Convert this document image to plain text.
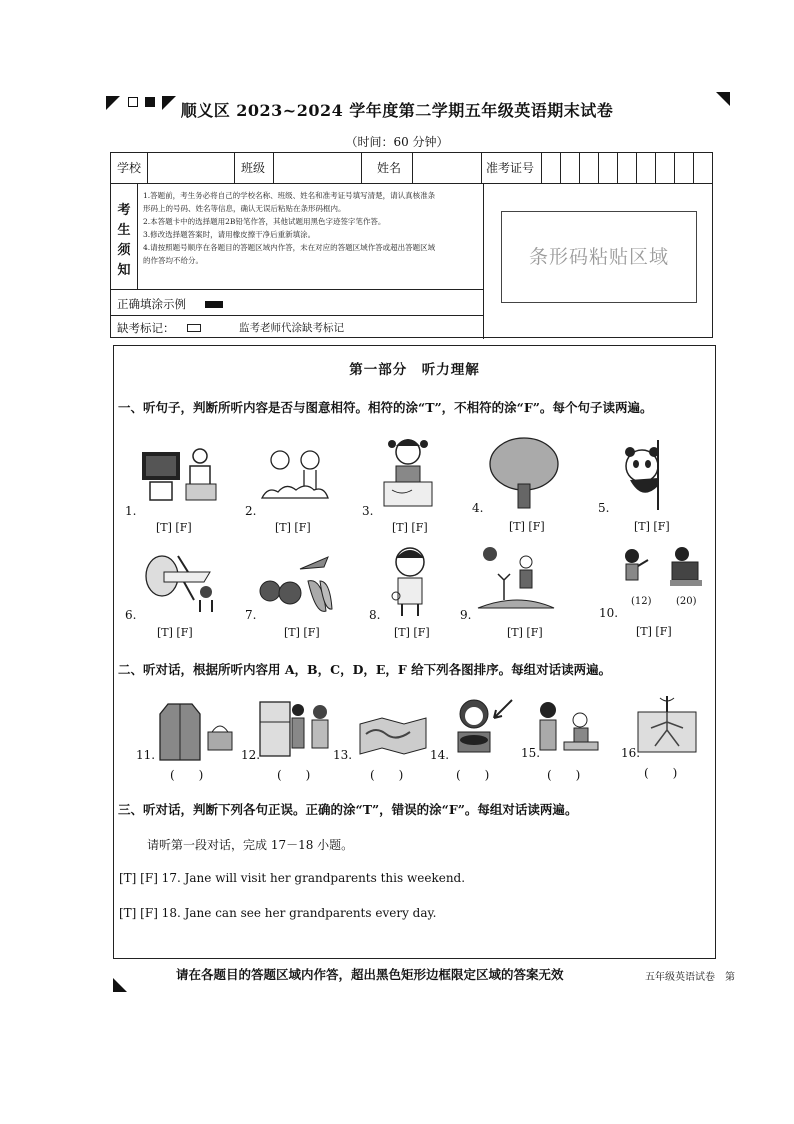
顺义区 2023~2024 学年度第二学期五年级英语期末试卷
（时间：60 分钟）
学校	班级	姓名	准考证号
考
生
须
知
1.答题前，考生务必将自己的学校名称、班级、姓名和准考证号填写清楚，请认真核准条
形码上的号码、姓名等信息，确认无误后粘贴在条形码框内。
2.本答题卡中的选择题用2B铅笔作答，其他试题用黑色字迹签字笔作答。
3.修改选择题答案时，请用橡皮擦干净后重新填涂。
4.请按照题号顺序在各题目的答题区域内作答，未在对应的答题区域作答或超出答题区域
的作答均不给分。	条形码粘贴区域
正确填涂示例
缺考标记：	监考老师代涂缺考标记
第一部分　听力理解
一、听句子，判断所听内容是否与图意相符。相符的涂“T”，不相符的涂“F”。每个句子读两遍。
1.
[T] [F]
2.
[T] [F]
3.
[T] [F]
4.
[T] [F]
5.
[T] [F]
6.
[T] [F]
7.
[T] [F]
8.
[T] [F]
9.
[T] [F]
(12) (20)
10.
[T] [F]
二、听对话，根据所听内容用 A，B，C，D，E，F 给下列各图排序。每组对话读两遍。
11.
(　　)
12.
(　　)
13.
(　　)
14.
(　　)
15.
(　　)
16.
(　　)
三、听对话，判断下列各句正误。正确的涂“T”，错误的涂“F”。每组对话读两遍。
请听第一段对话，完成 17－18 小题。
[T] [F] 17. Jane will visit her grandparents this weekend.
[T] [F] 18. Jane can see her grandparents every day.
请在各题目的答题区域内作答，超出黑色矩形边框限定区域的答案无效	五年级英语试卷　第
